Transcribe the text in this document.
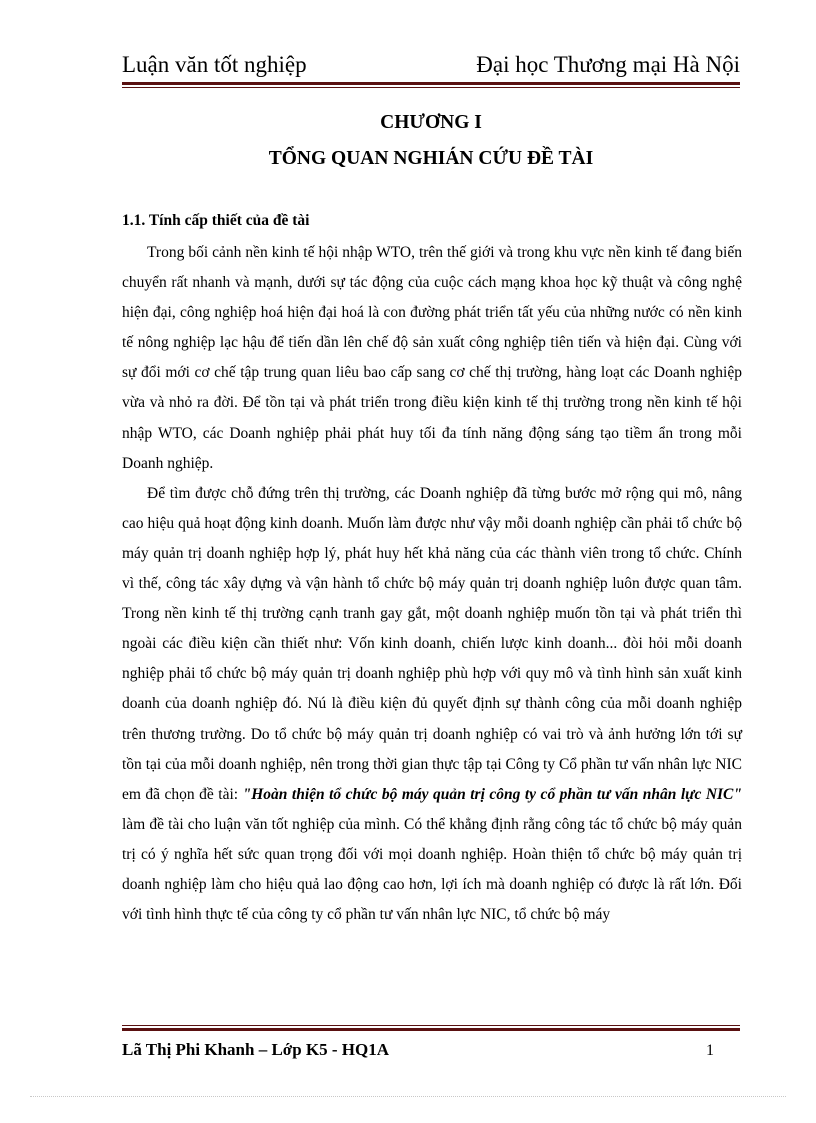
Luận văn tốt nghiệp	Đại học Thương mại Hà Nội
CHƯƠNG I
TỔNG QUAN NGHIÁN CỨU ĐỀ TÀI
1.1. Tính cấp thiết của đề tài

Trong bối cảnh nền kinh tế hội nhập WTO, trên thế giới và trong khu vực nền kinh tế đang biến chuyển rất nhanh và mạnh, dưới sự tác động của cuộc cách mạng khoa học kỹ thuật và công nghệ hiện đại, công nghiệp hoá hiện đại hoá là con đường phát triển tất yếu của những nước có nền kinh tế nông nghiệp lạc hậu để tiến dần lên chế độ sản xuất công nghiệp tiên tiến và hiện đại. Cùng với sự đổi mới cơ chế tập trung quan liêu bao cấp sang cơ chế thị trường, hàng loạt các Doanh nghiệp vừa và nhỏ ra đời. Để tồn tại và phát triển trong điều kiện kinh tế thị trường trong nền kinh tế hội nhập WTO, các Doanh nghiệp phải phát huy tối đa tính năng động sáng tạo tiềm ẩn trong mỗi Doanh nghiệp.

Để tìm được chỗ đứng trên thị trường, các Doanh nghiệp đã từng bước mở rộng qui mô, nâng cao hiệu quả hoạt động kinh doanh. Muốn làm được như vậy mỗi doanh nghiệp cần phải tổ chức bộ máy quản trị doanh nghiệp hợp lý, phát huy hết khả năng của các thành viên trong tổ chức. Chính vì thế, công tác xây dựng và vận hành tổ chức bộ máy quản trị doanh nghiệp luôn được quan tâm. Trong nền kinh tế thị trường cạnh tranh gay gắt, một doanh nghiệp muốn tồn tại và phát triển thì ngoài các điều kiện cần thiết như: Vốn kinh doanh, chiến lược kinh doanh... đòi hỏi mỗi doanh nghiệp phải tổ chức bộ máy quản trị doanh nghiệp phù hợp với quy mô và tình hình sản xuất kinh doanh của doanh nghiệp đó. Nú là điều kiện đủ quyết định sự thành công của mỗi doanh nghiệp trên thương trường. Do tổ chức bộ máy quản trị doanh nghiệp có vai trò và ảnh hưởng lớn tới sự tồn tại của mỗi doanh nghiệp, nên trong thời gian thực tập tại Công ty Cổ phần tư vấn nhân lực NIC em đã chọn đề tài: "Hoàn thiện tổ chức bộ máy quản trị công ty cổ phần tư vấn nhân lực NIC" làm đề tài cho luận văn tốt nghiệp của mình. Có thể khẳng định rằng công tác tổ chức bộ máy quản trị có ý nghĩa hết sức quan trọng đối với mọi doanh nghiệp. Hoàn thiện tổ chức bộ máy quản trị doanh nghiệp làm cho hiệu quả lao động cao hơn, lợi ích mà doanh nghiệp có được là rất lớn. Đối với tình hình thực tế của công ty cổ phần tư vấn nhân lực NIC, tổ chức bộ máy

Lã Thị Phi Khanh – Lớp K5 - HQ1A	1
